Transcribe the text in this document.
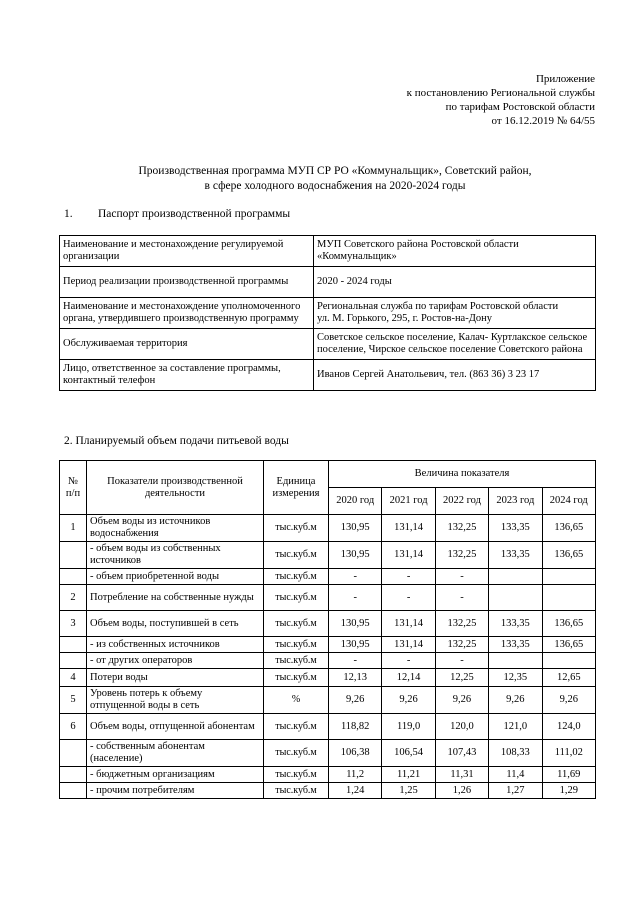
Приложение
к постановлению Региональной службы
по тарифам Ростовской области
от 16.12.2019 № 64/55
Производственная программа МУП СР РО «Коммунальщик», Советский район,
в сфере холодного водоснабжения на 2020-2024 годы
1. Паспорт производственной программы
Наименование и местонахождение регулируемой организации	МУП Советского района Ростовской области «Коммунальщик»
Период реализации производственной программы	2020 - 2024 годы
Наименование и местонахождение уполномоченного органа, утвердившего производственную программу	Региональная служба по тарифам Ростовской области
ул. М. Горького, 295, г. Ростов-на-Дону

Обслуживаемая территория	Советское сельское поселение, Калач- Куртлакское сельское поселение, Чирское сельское поселение Советского района
Лицо, ответственное за составление программы, контактный телефон	Иванов Сергей Анатольевич, тел. (863 36) 3 23 17
2. Планируемый объем подачи питьевой воды
№ п/п	Показатели производственной деятельности	Единица измерения	Величина показателя				
			2020 год	2021 год	2022 год	2023 год	2024 год
1	Объем воды из источников водоснабжения	тыс.куб.м	130,95	131,14	132,25	133,35	136,65
	- объем воды из собственных источников	тыс.куб.м	130,95	131,14	132,25	133,35	136,65
	- объем приобретенной воды	тыс.куб.м	-	-	-		
2	Потребление на собственные нужды	тыс.куб.м	-	-	-		
3	Объем воды, поступившей в сеть	тыс.куб.м	130,95	131,14	132,25	133,35	136,65
	- из собственных источников	тыс.куб.м	130,95	131,14	132,25	133,35	136,65
	- от других операторов	тыс.куб.м	-	-	-		
4	Потери воды	тыс.куб.м	12,13	12,14	12,25	12,35	12,65
5	Уровень потерь к объему отпущенной воды в сеть	%	9,26	9,26	9,26	9,26	9,26
6	Объем воды, отпущенной абонентам	тыс.куб.м	118,82	119,0	120,0	121,0	124,0
	- собственным абонентам (население)	тыс.куб.м	106,38	106,54	107,43	108,33	111,02
	- бюджетным организациям	тыс.куб.м	11,2	11,21	11,31	11,4	11,69
	- прочим потребителям	тыс.куб.м	1,24	1,25	1,26	1,27	1,29
